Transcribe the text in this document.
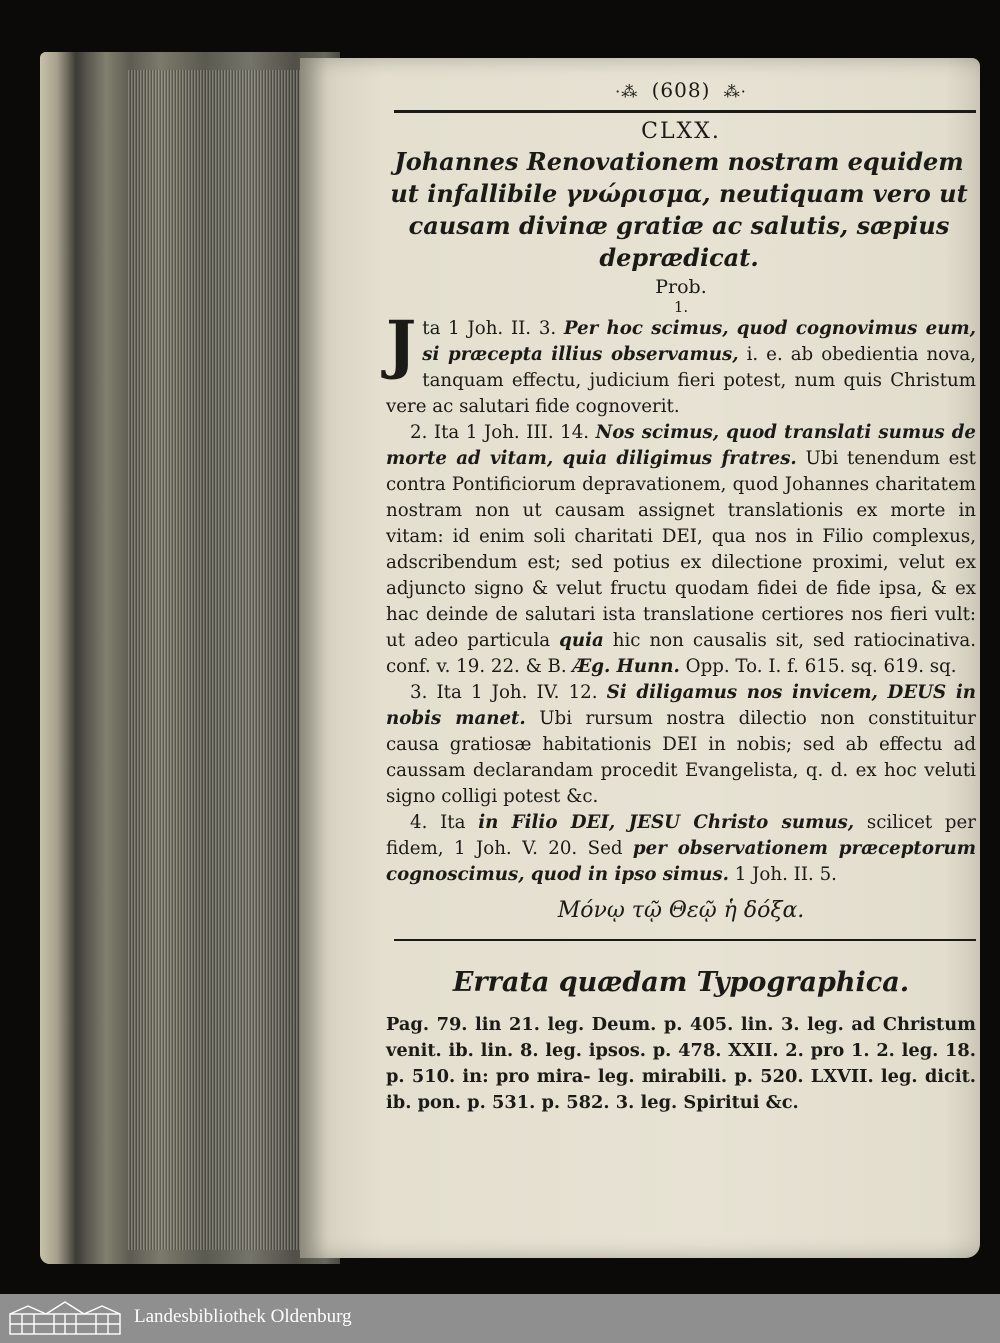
·⁂ (608) ⁂·
CLXX.
Johannes Renovationem nostram equidem ut infallibile γνώρισμα, neutiquam vero ut causam divinæ gratiæ ac salutis, sæpius deprædicat.
Prob.
1.

Jta 1 Joh. II. 3. Per hoc scimus, quod cognovimus eum, si præcepta illius observamus, i. e. ab obedientia nova, tanquam effectu, judicium fieri potest, num quis Christum vere ac salutari fide cognoverit.

2. Ita 1 Joh. III. 14. Nos scimus, quod translati sumus de morte ad vitam, quia diligimus fratres. Ubi tenendum est contra Pontificiorum depravationem, quod Johannes charitatem nostram non ut causam assignet translationis ex morte in vitam: id enim soli charitati DEI, qua nos in Filio complexus, adscribendum est; sed potius ex dilectione proximi, velut ex adjuncto signo & velut fructu quodam fidei de fide ipsa, & ex hac deinde de salutari ista translatione certiores nos fieri vult: ut adeo particula quia hic non causalis sit, sed ratiocinativa. conf. v. 19. 22. & B. Æg. Hunn. Opp. To. I. f. 615. sq. 619. sq.

3. Ita 1 Joh. IV. 12. Si diligamus nos invicem, DEUS in nobis manet. Ubi rursum nostra dilectio non constituitur causa gratiosæ habitationis DEI in nobis; sed ab effectu ad caussam declarandam procedit Evangelista, q. d. ex hoc veluti signo colligi potest &c.

4. Ita in Filio DEI, JESU Christo sumus, scilicet per fidem, 1 Joh. V. 20. Sed per observationem præceptorum cognoscimus, quod in ipso simus. 1 Joh. II. 5.

Μόνῳ τῷ Θεῷ ἡ δόξα.
Errata quædam Typographica.
Pag. 79. lin 21. leg. Deum. p. 405. lin. 3. leg. ad Christum venit. ib. lin. 8. leg. ipsos. p. 478. XXII. 2. pro 1. 2. leg. 18. p. 510. in: pro mira- leg. mirabili. p. 520. LXVII. leg. dicit. ib. pon. p. 531. p. 582. 3. leg. Spiritui &c.
Landesbibliothek Oldenburg
